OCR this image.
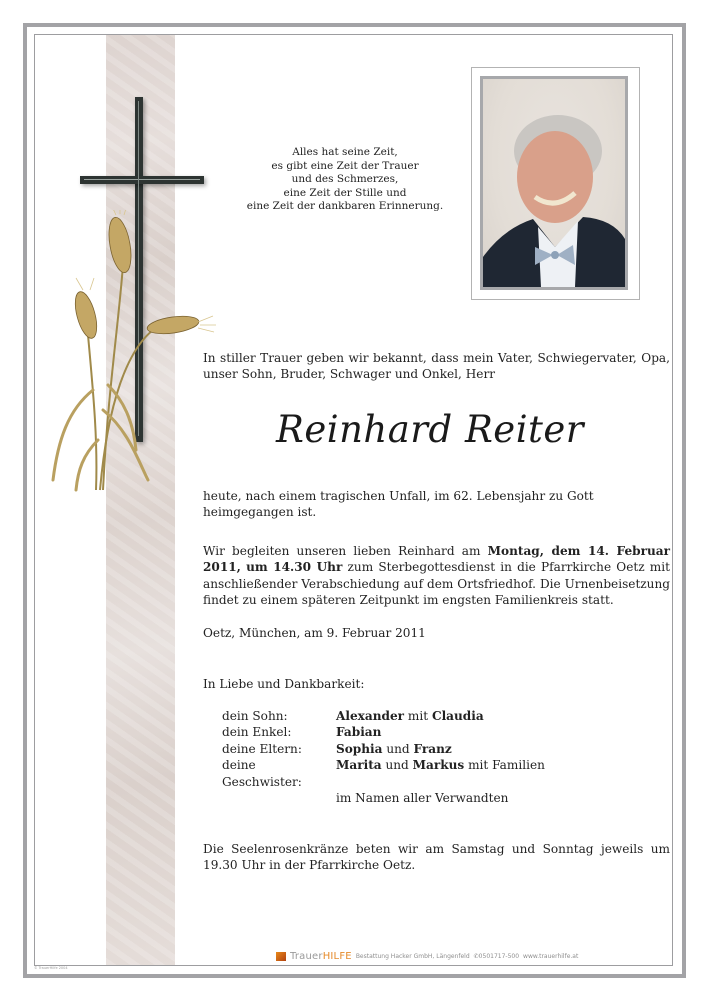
Alles hat seine Zeit,
es gibt eine Zeit der Trauer
und des Schmerzes,
eine Zeit der Stille und
eine Zeit der dankbaren Erinnerung.
In stiller Trauer geben wir bekannt, dass mein Vater, Schwiegervater, Opa, unser Sohn, Bruder, Schwager und Onkel, Herr
Reinhard Reiter
heute, nach einem tragischen Unfall, im 62. Lebensjahr zu Gott heimgegangen ist.
Wir begleiten unseren lieben Reinhard am Montag, dem 14. Februar 2011, um 14.30 Uhr zum Sterbegottesdienst in die Pfarrkirche Oetz mit anschließender Verabschiedung auf dem Ortsfriedhof. Die Urnenbeisetzung findet zu einem späteren Zeitpunkt im engsten Familienkreis statt.
Oetz, München, am 9. Februar 2011
In Liebe und Dankbarkeit:
dein Sohn:	Alexander mit Claudia
dein Enkel:	Fabian
deine Eltern:	Sophia und Franz
deine Geschwister:	Marita und Markus mit Familien
	im Namen aller Verwandten
Die Seelenrosenkränze beten wir am Samstag und Sonntag jeweils um 19.30 Uhr in der Pfarrkirche Oetz.
TrauerHILFE Bestattung Hacker GmbH, Längenfeld ✆0501717-500 www.trauerhilfe.at
© TrauerHilfe 2004
